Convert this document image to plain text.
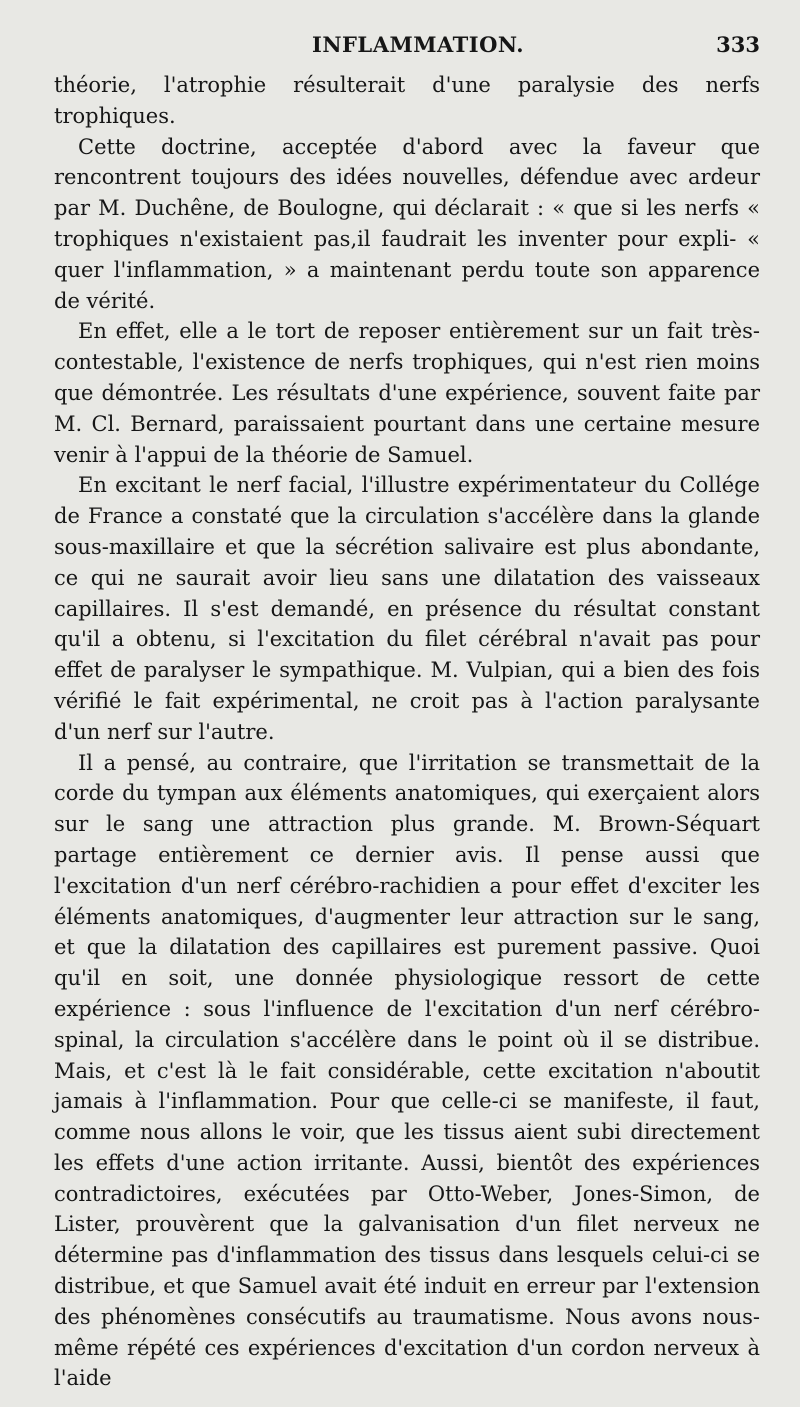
INFLAMMATION.	333

théorie, l'atrophie résulterait d'une paralysie des nerfs trophiques.

Cette doctrine, acceptée d'abord avec la faveur que rencontrent toujours des idées nouvelles, défendue avec ardeur par M. Duchêne, de Boulogne, qui déclarait : « que si les nerfs « trophiques n'existaient pas,il faudrait les inventer pour expli- « quer l'inflammation, » a maintenant perdu toute son apparence de vérité.

En effet, elle a le tort de reposer entièrement sur un fait très-contestable, l'existence de nerfs trophiques, qui n'est rien moins que démontrée. Les résultats d'une expérience, souvent faite par M. Cl. Bernard, paraissaient pourtant dans une certaine mesure venir à l'appui de la théorie de Samuel.

En excitant le nerf facial, l'illustre expérimentateur du Collége de France a constaté que la circulation s'accélère dans la glande sous-maxillaire et que la sécrétion salivaire est plus abondante, ce qui ne saurait avoir lieu sans une dilatation des vaisseaux capillaires. Il s'est demandé, en présence du résultat constant qu'il a obtenu, si l'excitation du filet cérébral n'avait pas pour effet de paralyser le sympathique. M. Vulpian, qui a bien des fois vérifié le fait expérimental, ne croit pas à l'action paralysante d'un nerf sur l'autre.

Il a pensé, au contraire, que l'irritation se transmettait de la corde du tympan aux éléments anatomiques, qui exerçaient alors sur le sang une attraction plus grande. M. Brown-Séquart partage entièrement ce dernier avis. Il pense aussi que l'excitation d'un nerf cérébro-rachidien a pour effet d'exciter les éléments anatomiques, d'augmenter leur attraction sur le sang, et que la dilatation des capillaires est purement passive. Quoi qu'il en soit, une donnée physiologique ressort de cette expérience : sous l'influence de l'excitation d'un nerf cérébro-spinal, la circulation s'accélère dans le point où il se distribue. Mais, et c'est là le fait considérable, cette excitation n'aboutit jamais à l'inflammation. Pour que celle-ci se manifeste, il faut, comme nous allons le voir, que les tissus aient subi directement les effets d'une action irritante. Aussi, bientôt des expériences contradictoires, exécutées par Otto-Weber, Jones-Simon, de Lister, prouvèrent que la galvanisation d'un filet nerveux ne détermine pas d'inflammation des tissus dans lesquels celui-ci se distribue, et que Samuel avait été induit en erreur par l'extension des phénomènes consécutifs au traumatisme. Nous avons nous-même répété ces expériences d'excitation d'un cordon nerveux à l'aide
